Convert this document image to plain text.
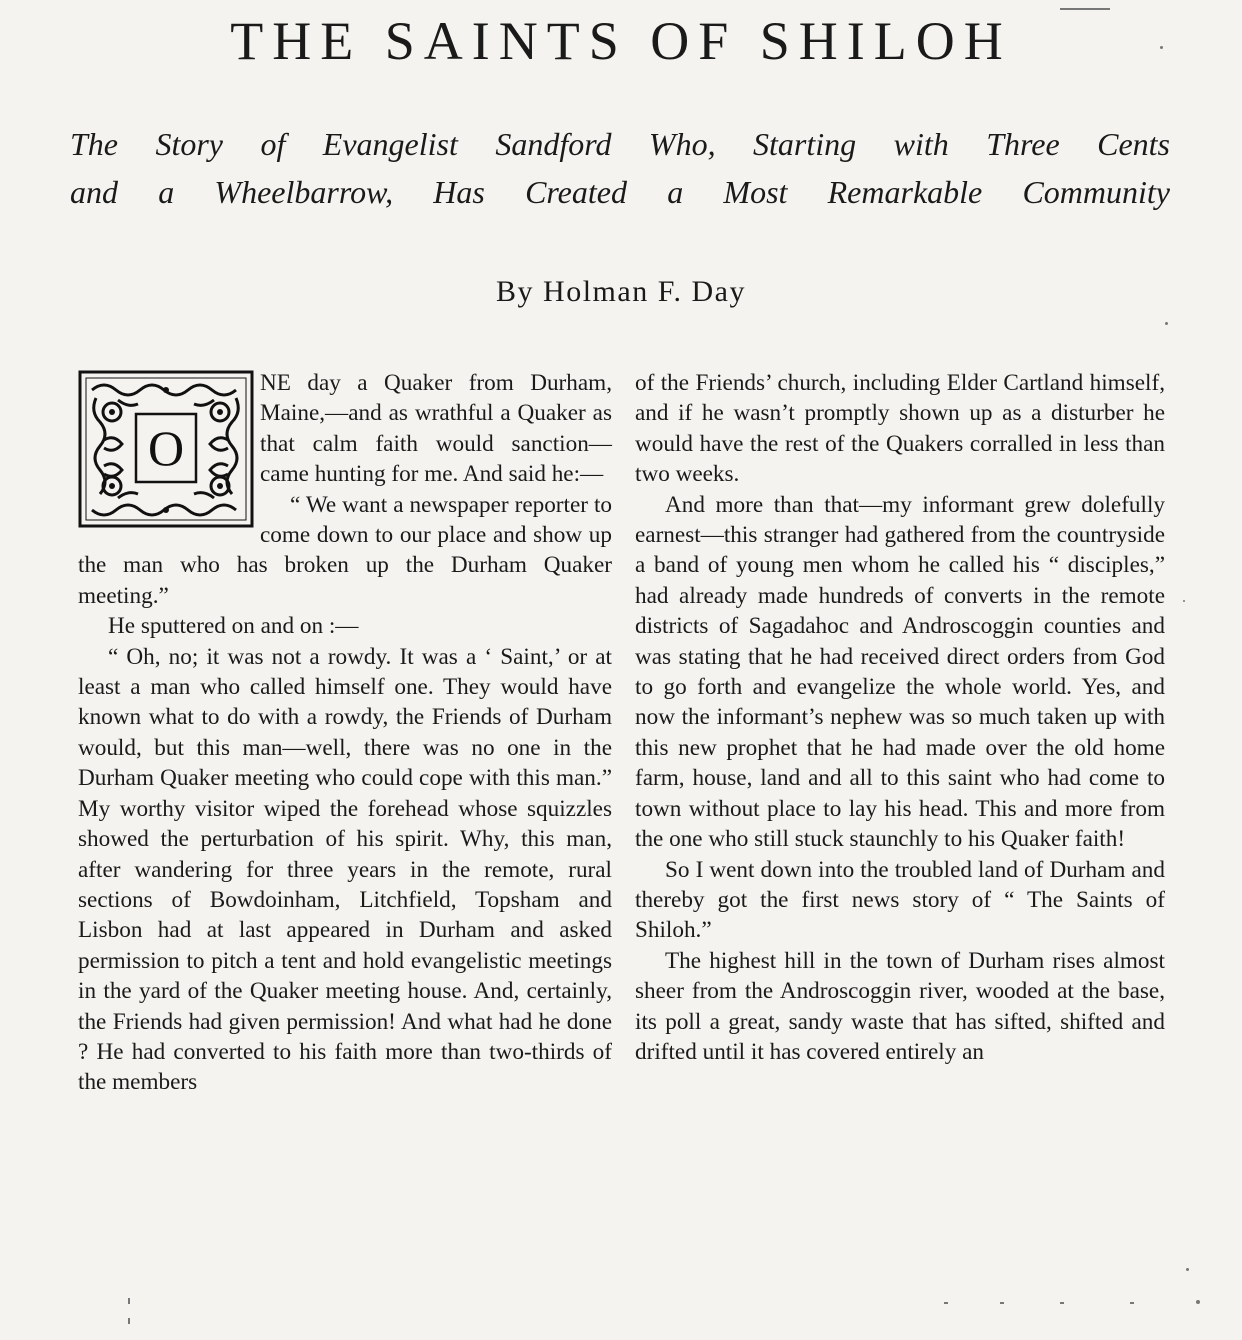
THE SAINTS OF SHILOH
The Story of Evangelist Sandford Who, Starting with Three Cents
and a Wheelbarrow, Has Created a Most Remarkable Community
By Holman F. Day
O

NE day a Quaker from Durham, Maine,—and as wrathful a Quaker as that calm faith would sanction—came hunting for me. And said he:—

“ We want a newspaper reporter to come down to our place and show up the man who has broken up the Durham Quaker meeting.”

He sputtered on and on :—

“ Oh, no; it was not a rowdy. It was a ‘ Saint,’ or at least a man who called himself one. They would have known what to do with a rowdy, the Friends of Durham would, but this man—well, there was no one in the Durham Quaker meeting who could cope with this man.” My worthy visitor wiped the forehead whose squizzles showed the perturbation of his spirit. Why, this man, after wandering for three years in the remote, rural sections of Bowdoinham, Litchfield, Topsham and Lisbon had at last appeared in Durham and asked permission to pitch a tent and hold evangelistic meetings in the yard of the Quaker meeting house. And, certainly, the Friends had given permission! And what had he done ? He had converted to his faith more than two-thirds of the members

of the Friends’ church, including Elder Cartland himself, and if he wasn’t promptly shown up as a disturber he would have the rest of the Quakers corralled in less than two weeks.

And more than that—my informant grew dolefully earnest—this stranger had gathered from the countryside a band of young men whom he called his “ disciples,” had already made hundreds of converts in the remote districts of Sagadahoc and Androscoggin counties and was stating that he had received direct orders from God to go forth and evangelize the whole world. Yes, and now the informant’s nephew was so much taken up with this new prophet that he had made over the old home farm, house, land and all to this saint who had come to town without place to lay his head. This and more from the one who still stuck staunchly to his Quaker faith!

So I went down into the troubled land of Durham and thereby got the first news story of “ The Saints of Shiloh.”

The highest hill in the town of Durham rises almost sheer from the Androscoggin river, wooded at the base, its poll a great, sandy waste that has sifted, shifted and drifted until it has covered entirely an
